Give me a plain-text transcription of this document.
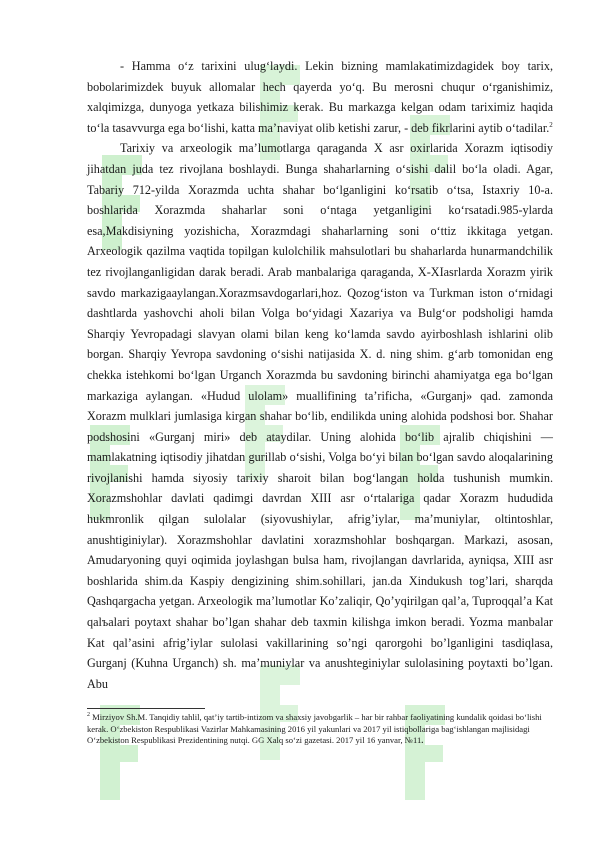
- Hamma o‘z tarixini ulug‘laydi. Lekin bizning mamlakatimizdagidek boy tarix, bobolarimizdek buyuk allomalar hech qayerda yo‘q. Bu merosni chuqur o‘rganishimiz, xalqimizga, dunyoga yetkaza bilishimiz kerak. Bu markazga kelgan odam tariximiz haqida to‘la tasavvurga ega bo‘lishi, katta ma’naviyat olib ketishi zarur, - deb fikrlarini aytib o‘tadilar.$^2$

Tarixiy va arxeologik ma’lumotlarga qaraganda X asr oxirlarida Xorazm iqtisodiy jihatdan juda tez rivojlana boshlaydi. Bunga shaharlarning o‘sishi dalil bo‘la oladi. Agar, Tabariy 712-yilda Xorazmda uchta shahar bo‘lganligini ko‘rsatib o‘tsa, Istaxriy 10-a. boshlarida Xorazmda shaharlar soni o‘ntaga yetganligini ko‘rsatadi.985-ylarda esa,Makdisiyning yozishicha, Xorazmdagi shaharlarning soni o‘ttiz ikkitaga yetgan. Arxeologik qazilma vaqtida topilgan kulolchilik mahsulotlari bu shaharlarda hunarmandchilik tez rivojlanganligidan darak beradi. Arab manbalariga qaraganda, X-XIasrlarda Xorazm yirik savdo markazigaaylangan.Xorazmsavdogarlari,hoz. Qozog‘iston va Turkman iston o‘rnidagi dashtlarda yashovchi aholi bilan Volga bo‘yidagi Xazariya va Bulg‘or podsholigi hamda Sharqiy Yevropadagi slavyan olami bilan keng ko‘lamda savdo ayirboshlash ishlarini olib borgan. Sharqiy Yevropa savdoning o‘sishi natijasida X. d. ning shim. g‘arb tomonidan eng chekka istehkomi bo‘lgan Urganch Xorazmda bu savdoning birinchi ahamiyatga ega bo‘lgan markaziga aylangan. «Hudud ulolam» muallifining ta’rificha, «Gurganj» qad. zamonda Xorazm mulklari jumlasiga kirgan shahar bo‘lib, endilikda uning alohida podshosi bor. Shahar podshosini «Gurganj miri» deb ataydilar. Uning alohida bo‘lib ajralib chiqishini — mamlakatning iqtisodiy jihatdan gurillab o‘sishi, Volga bo‘yi bilan bo‘lgan savdo aloqalarining rivojlanishi hamda siyosiy tarixiy sharoit bilan bog‘langan holda tushunish mumkin. Xorazmshohlar davlati qadimgi davrdan XIII asr o‘rtalariga qadar Xorazm hududida hukmronlik qilgan sulolalar (siyovushiylar, afrig’iylar, ma’muniylar, oltintoshlar, anushtiginiylar). Xorazmshohlar davlatini xorazmshohlar boshqargan. Markazi, asosan, Amudaryoning quyi oqimida joylashgan bulsa ham, rivojlangan davrlarida, ayniqsa, XIII asr boshlarida shim.da Kaspiy dengizining shim.sohillari, jan.da Xindukush tog’lari, sharqda Qashqargacha yetgan. Arxeologik ma’lumotlar Ko’zaliqir, Qo’yqirilgan qal’a, Tuproqqal’a Kat qalъalari poytaxt shahar bo’lgan shahar deb taxmin kilishga imkon beradi. Yozma manbalar Kat qal’asini afrig’iylar sulolasi vakillarining so’ngi qarorgohi bo’lganligini tasdiqlasa, Gurganj (Kuhna Urganch) sh. ma’muniylar va anushteginiylar sulolasining poytaxti bo’lgan. Abu

$^2$ Mirziyov Sh.M. Tanqidiy tahlil, qat’iy tartib-intizom va shaxsiy javobgarlik – har bir rahbar faoliyatining kundalik qoidasi bo‘lishi kerak. O‘zbekiston Respublikasi Vazirlar Mahkamasining 2016 yil yakunlari va 2017 yil istiqbollariga bag‘ishlangan majlisidagi O‘zbekiston Respublikasi Prezidentining nutqi. GG Xalq so‘zi gazetasi. 2017 yil 16 yanvar, №11.
